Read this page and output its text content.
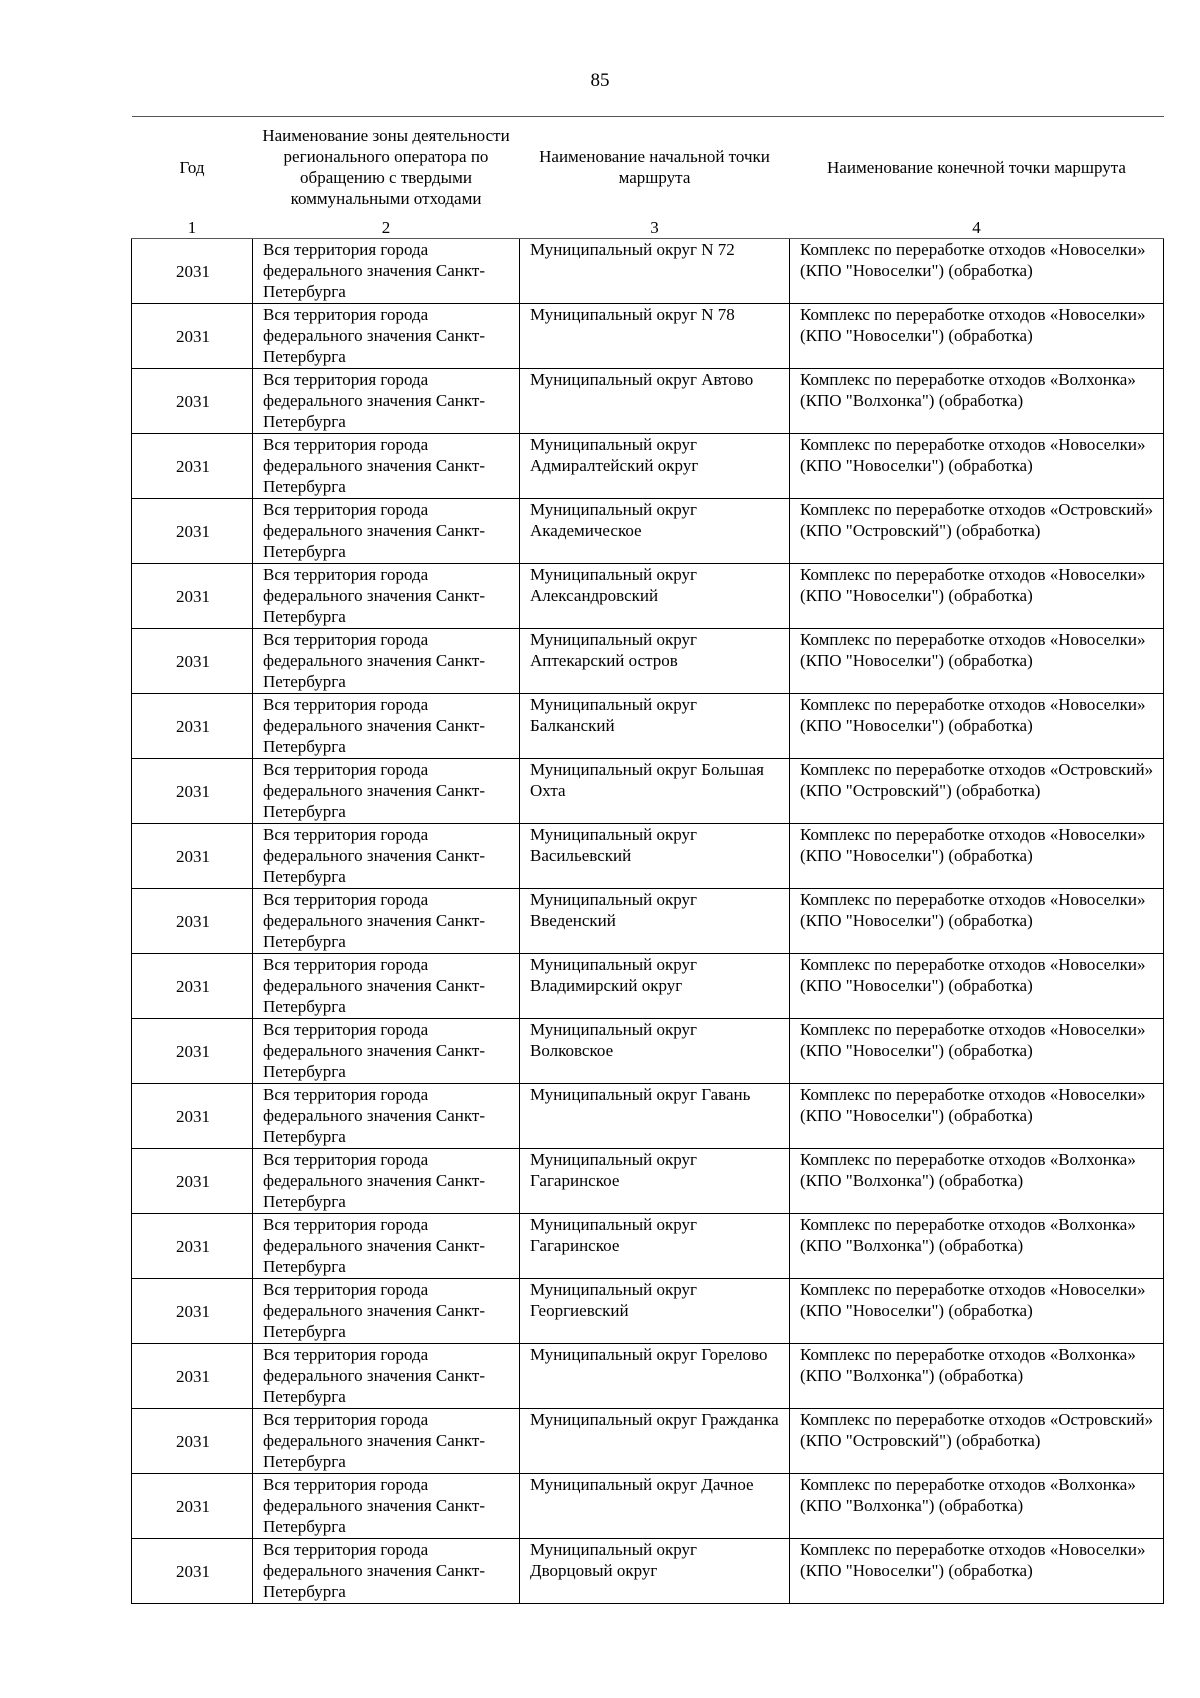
85
Год	Наименование зоны деятельности регионального оператора по обращению с твердыми коммунальными отходами	Наименование начальной точки маршрута	Наименование конечной точки маршрута
1	2	3	4
2031	Вся территория города федерального значения Санкт-Петербурга	Муниципальный округ N 72	Комплекс по переработке отходов «Новоселки» (КПО "Новоселки") (обработка)
2031	Вся территория города федерального значения Санкт-Петербурга	Муниципальный округ N 78	Комплекс по переработке отходов «Новоселки» (КПО "Новоселки") (обработка)
2031	Вся территория города федерального значения Санкт-Петербурга	Муниципальный округ Автово	Комплекс по переработке отходов «Волхонка» (КПО "Волхонка") (обработка)
2031	Вся территория города федерального значения Санкт-Петербурга	Муниципальный округ Адмиралтейский округ	Комплекс по переработке отходов «Новоселки» (КПО "Новоселки") (обработка)
2031	Вся территория города федерального значения Санкт-Петербурга	Муниципальный округ Академическое	Комплекс по переработке отходов «Островский» (КПО "Островский") (обработка)
2031	Вся территория города федерального значения Санкт-Петербурга	Муниципальный округ Александровский	Комплекс по переработке отходов «Новоселки» (КПО "Новоселки") (обработка)
2031	Вся территория города федерального значения Санкт-Петербурга	Муниципальный округ Аптекарский остров	Комплекс по переработке отходов «Новоселки» (КПО "Новоселки") (обработка)
2031	Вся территория города федерального значения Санкт-Петербурга	Муниципальный округ Балканский	Комплекс по переработке отходов «Новоселки» (КПО "Новоселки") (обработка)
2031	Вся территория города федерального значения Санкт-Петербурга	Муниципальный округ Большая Охта	Комплекс по переработке отходов «Островский» (КПО "Островский") (обработка)
2031	Вся территория города федерального значения Санкт-Петербурга	Муниципальный округ Васильевский	Комплекс по переработке отходов «Новоселки» (КПО "Новоселки") (обработка)
2031	Вся территория города федерального значения Санкт-Петербурга	Муниципальный округ Введенский	Комплекс по переработке отходов «Новоселки» (КПО "Новоселки") (обработка)
2031	Вся территория города федерального значения Санкт-Петербурга	Муниципальный округ Владимирский округ	Комплекс по переработке отходов «Новоселки» (КПО "Новоселки") (обработка)
2031	Вся территория города федерального значения Санкт-Петербурга	Муниципальный округ Волковское	Комплекс по переработке отходов «Новоселки» (КПО "Новоселки") (обработка)
2031	Вся территория города федерального значения Санкт-Петербурга	Муниципальный округ Гавань	Комплекс по переработке отходов «Новоселки» (КПО "Новоселки") (обработка)
2031	Вся территория города федерального значения Санкт-Петербурга	Муниципальный округ Гагаринское	Комплекс по переработке отходов «Волхонка» (КПО "Волхонка") (обработка)
2031	Вся территория города федерального значения Санкт-Петербурга	Муниципальный округ Гагаринское	Комплекс по переработке отходов «Волхонка» (КПО "Волхонка") (обработка)
2031	Вся территория города федерального значения Санкт-Петербурга	Муниципальный округ Георгиевский	Комплекс по переработке отходов «Новоселки» (КПО "Новоселки") (обработка)
2031	Вся территория города федерального значения Санкт-Петербурга	Муниципальный округ Горелово	Комплекс по переработке отходов «Волхонка» (КПО "Волхонка") (обработка)
2031	Вся территория города федерального значения Санкт-Петербурга	Муниципальный округ Гражданка	Комплекс по переработке отходов «Островский» (КПО "Островский") (обработка)
2031	Вся территория города федерального значения Санкт-Петербурга	Муниципальный округ Дачное	Комплекс по переработке отходов «Волхонка» (КПО "Волхонка") (обработка)
2031	Вся территория города федерального значения Санкт-Петербурга	Муниципальный округ Дворцовый округ	Комплекс по переработке отходов «Новоселки» (КПО "Новоселки") (обработка)
